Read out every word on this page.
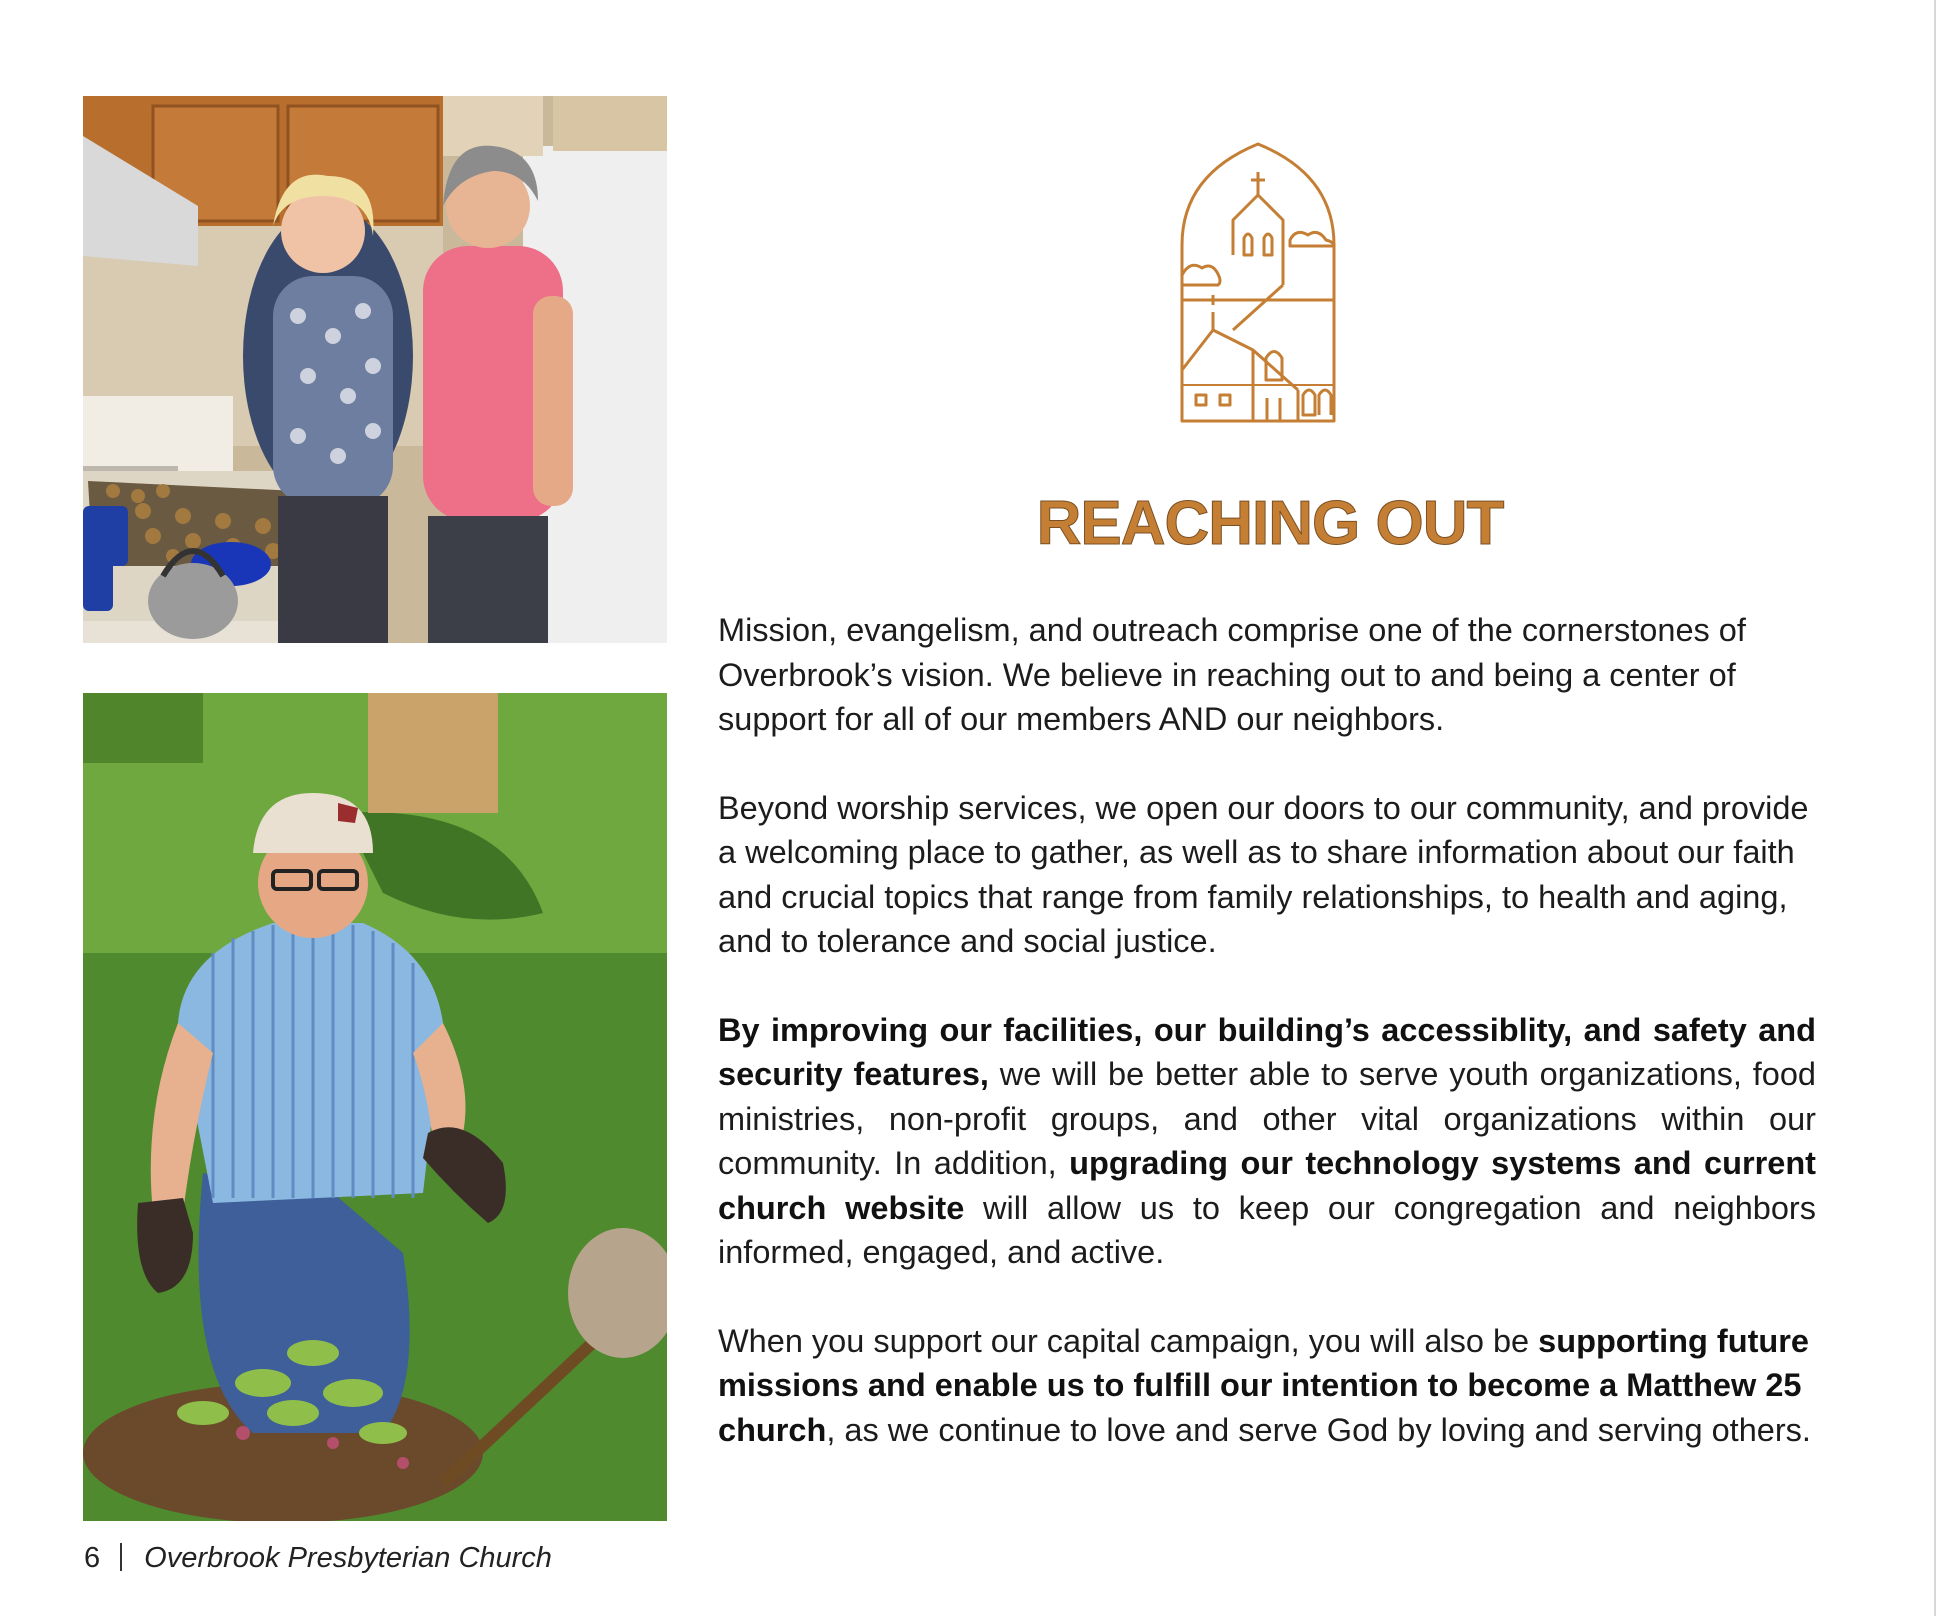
REACHING OUT

Mission, evangelism, and outreach comprise one of the cornerstones of Overbrook’s vision. We believe in reaching out to and being a center of support for all of our members AND our neighbors.

Beyond worship services, we open our doors to our community, and provide a welcoming place to gather, as well as to share information about our faith and crucial topics that range from family relationships, to health and aging, and to tolerance and social justice.

By improving our facilities, our building’s accessiblity, and safety and security features, we will be better able to serve youth organizations, food ministries, non-profit groups, and other vital organizations within our community. In addition, upgrading our technology systems and current church website will allow us to keep our congregation and neighbors informed, engaged, and active.

When you support our capital campaign, you will also be supporting future missions and enable us to fulfill our intention to become a Matthew 25 church, as we continue to love and serve God by loving and serving others.

6 Overbrook Presbyterian Church
